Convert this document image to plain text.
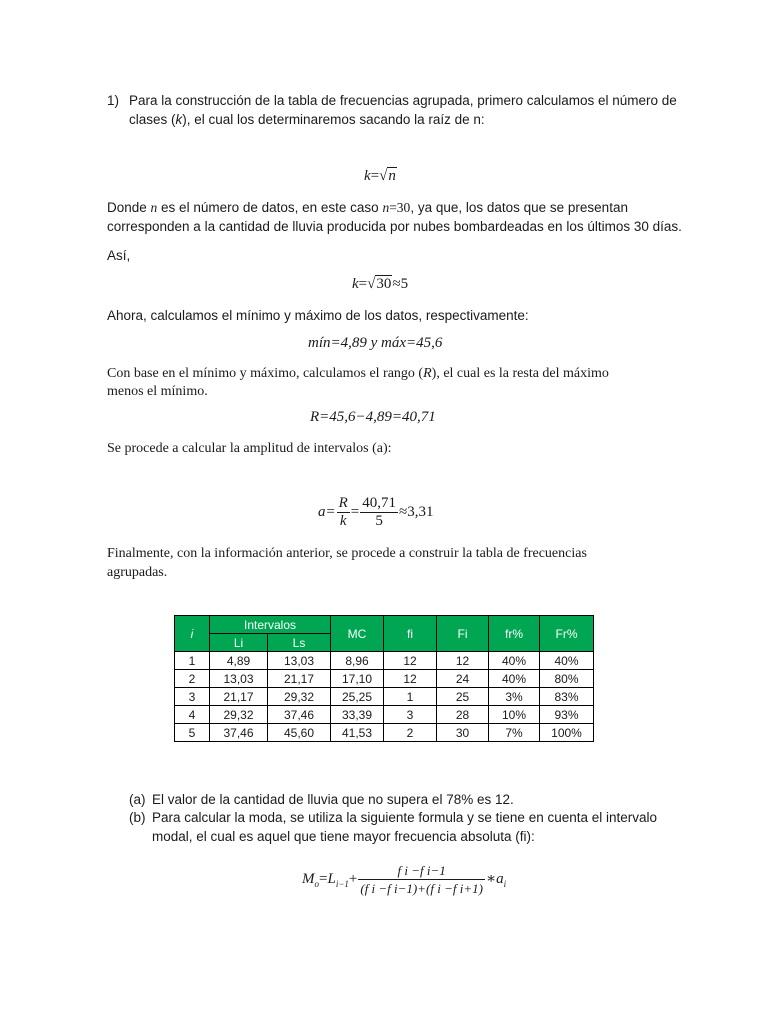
1) Para la construcción de la tabla de frecuencias agrupada, primero calculamos el número de
clases (k), el cual los determinaremos sacando la raíz de n:
k=√n
Donde n es el número de datos, en este caso n=30, ya que, los datos que se presentan
corresponden a la cantidad de lluvia producida por nubes bombardeadas en los últimos 30 días.
Así,
k=√30≈5
Ahora, calculamos el mínimo y máximo de los datos, respectivamente:
mín=4,89 y máx=45,6
Con base en el mínimo y máximo, calculamos el rango (R), el cual es la resta del máximo
menos el mínimo.
R=45,6−4,89=40,71
Se procede a calcular la amplitud de intervalos (a):
$a= \frac{R}{k} = \frac{40,71}{5} \approx 3,31$
Finalmente, con la información anterior, se procede a construir la tabla de frecuencias
agrupadas.
i	Intervalos		MC	fi	Fi	fr%	Fr%
	Li	Ls					
1	4,89	13,03	8,96	12	12	40%	40%
2	13,03	21,17	17,10	12	24	40%	80%
3	21,17	29,32	25,25	1	25	3%	83%
4	29,32	37,46	33,39	3	28	10%	93%
5	37,46	45,60	41,53	2	30	7%	100%
(a) El valor de la cantidad de lluvia que no supera el 78% es 12.
(b) Para calcular la moda, se utiliza la siguiente formula y se tiene en cuenta el intervalo
modal, el cual es aquel que tiene mayor frecuencia absoluta (fi):
$M_o=L_{i-1}+ \frac{\text{f i −f i−1}}{\text{(f i −f i−1)+(f i −f i+1)}}$ $∗a_i$
